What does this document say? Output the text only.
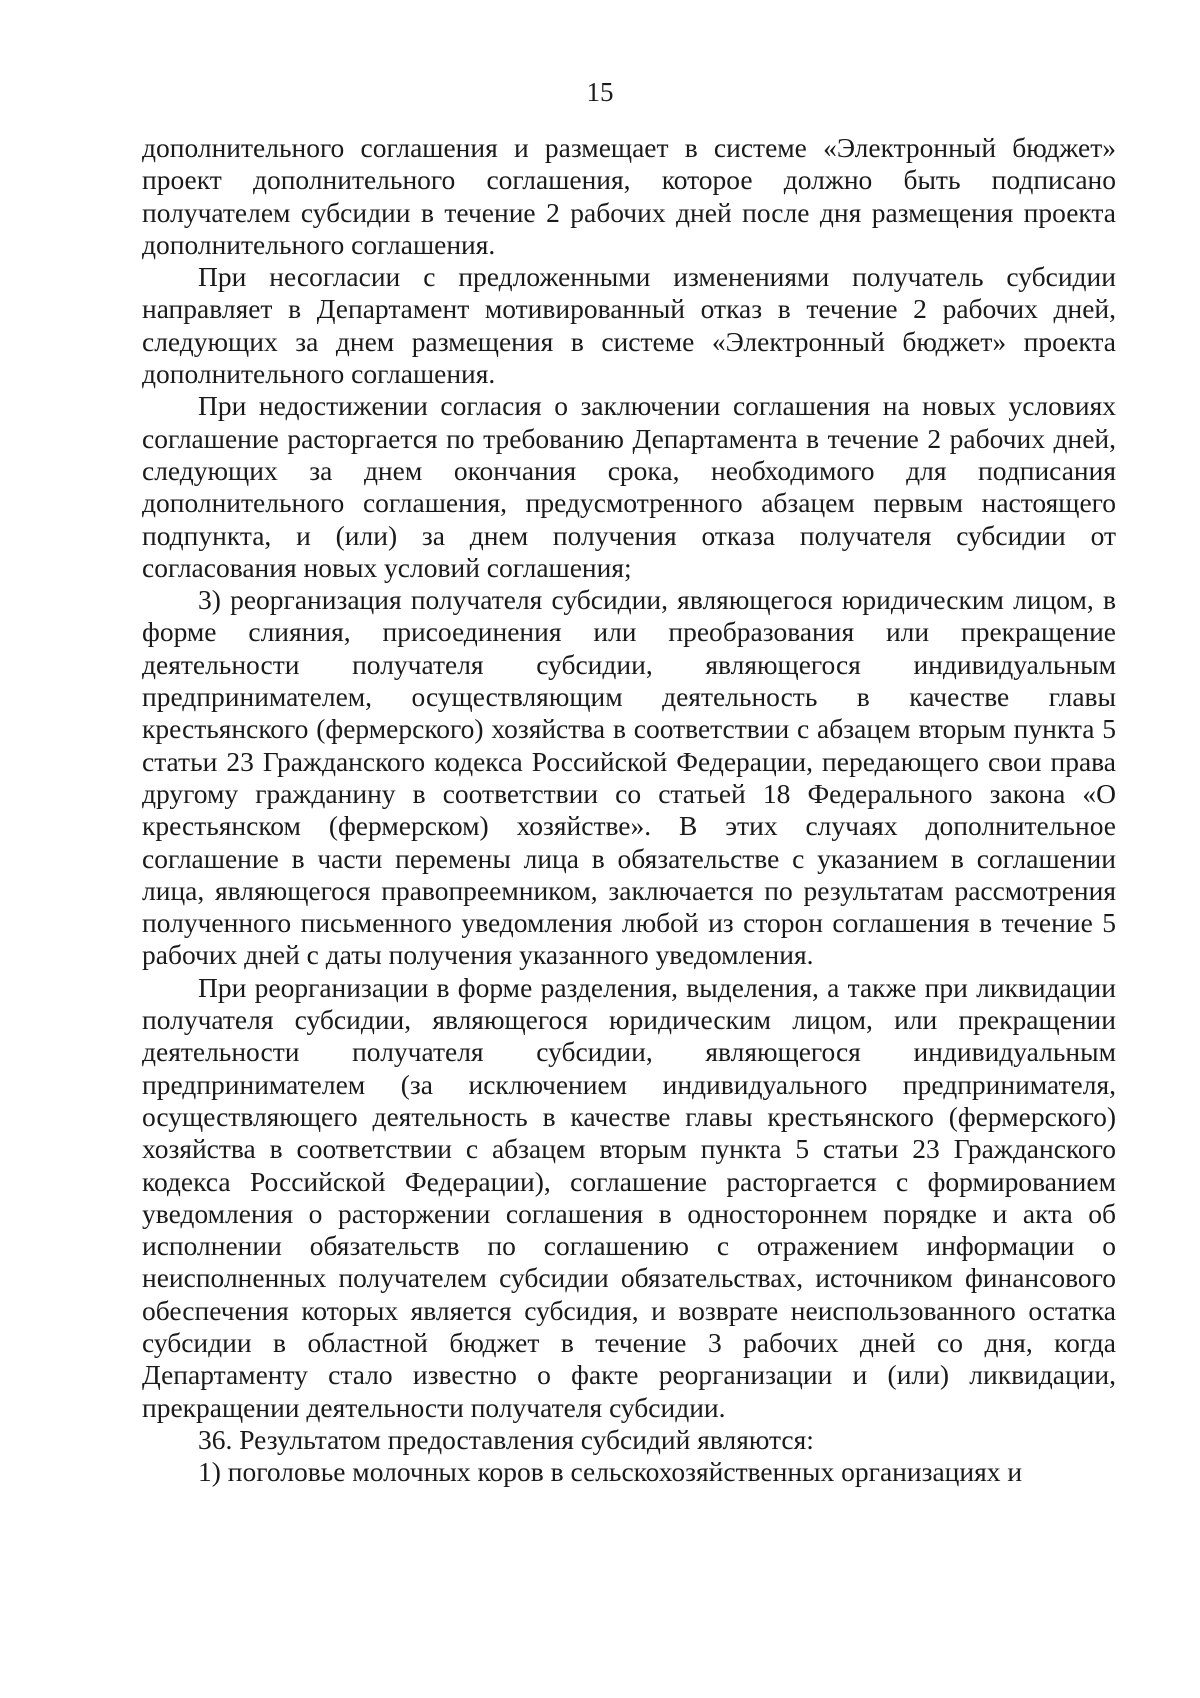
15

дополнительного соглашения и размещает в системе «Электронный бюджет» проект дополнительного соглашения, которое должно быть подписано получателем субсидии в течение 2 рабочих дней после дня размещения проекта дополнительного соглашения.

При несогласии с предложенными изменениями получатель субсидии направляет в Департамент мотивированный отказ в течение 2 рабочих дней, следующих за днем размещения в системе «Электронный бюджет» проекта дополнительного соглашения.

При недостижении согласия о заключении соглашения на новых условиях соглашение расторгается по требованию Департамента в течение 2 рабочих дней, следующих за днем окончания срока, необходимого для подписания дополнительного соглашения, предусмотренного абзацем первым настоящего подпункта, и (или) за днем получения отказа получателя субсидии от согласования новых условий соглашения;

3) реорганизация получателя субсидии, являющегося юридическим лицом, в форме слияния, присоединения или преобразования или прекращение деятельности получателя субсидии, являющегося индивидуальным предпринимателем, осуществляющим деятельность в качестве главы крестьянского (фермерского) хозяйства в соответствии с абзацем вторым пункта 5 статьи 23 Гражданского кодекса Российской Федерации, передающего свои права другому гражданину в соответствии со статьей 18 Федерального закона «О крестьянском (фермерском) хозяйстве». В этих случаях дополнительное соглашение в части перемены лица в обязательстве с указанием в соглашении лица, являющегося правопреемником, заключается по результатам рассмотрения полученного письменного уведомления любой из сторон соглашения в течение 5 рабочих дней с даты получения указанного уведомления.

При реорганизации в форме разделения, выделения, а также при ликвидации получателя субсидии, являющегося юридическим лицом, или прекращении деятельности получателя субсидии, являющегося индивидуальным предпринимателем (за исключением индивидуального предпринимателя, осуществляющего деятельность в качестве главы крестьянского (фермерского) хозяйства в соответствии с абзацем вторым пункта 5 статьи 23 Гражданского кодекса Российской Федерации), соглашение расторгается с формированием уведомления о расторжении соглашения в одностороннем порядке и акта об исполнении обязательств по соглашению с отражением информации о неисполненных получателем субсидии обязательствах, источником финансового обеспечения которых является субсидия, и возврате неиспользованного остатка субсидии в областной бюджет в течение 3 рабочих дней со дня, когда Департаменту стало известно о факте реорганизации и (или) ликвидации, прекращении деятельности получателя субсидии.

36. Результатом предоставления субсидий являются:

1) поголовье молочных коров в сельскохозяйственных организациях и
